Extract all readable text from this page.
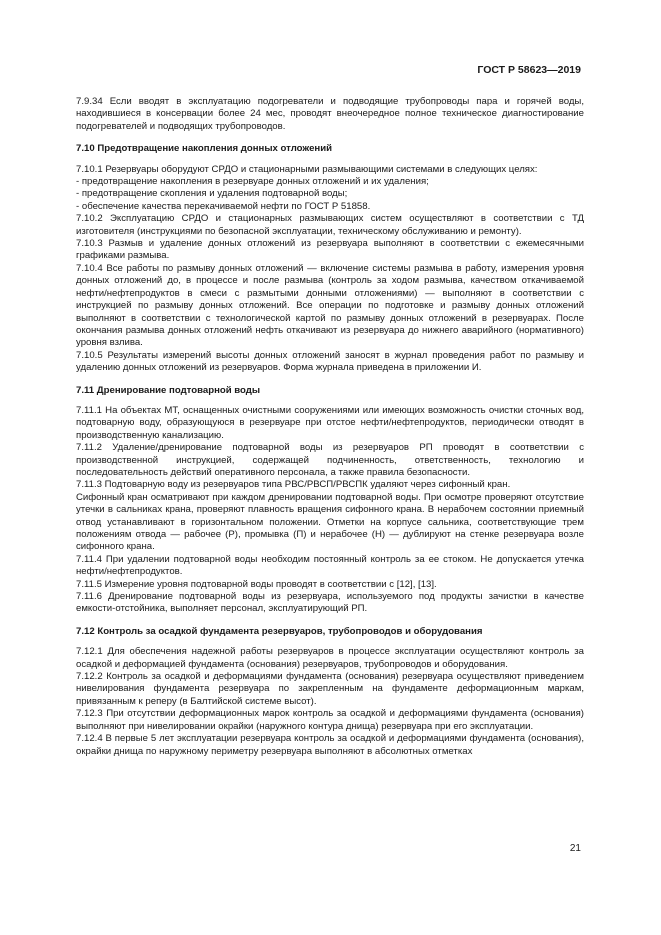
ГОСТ Р 58623—2019

7.9.34 Если вводят в эксплуатацию подогреватели и подводящие трубопроводы пара и горячей воды, находившиеся в консервации более 24 мес, проводят внеочередное полное техническое диагностирование подогревателей и подводящих трубопроводов.

7.10 Предотвращение накопления донных отложений

7.10.1 Резервуары оборудуют СРДО и стационарными размывающими системами в следующих целях:

- предотвращение накопления в резервуаре донных отложений и их удаления;

- предотвращение скопления и удаления подтоварной воды;

- обеспечение качества перекачиваемой нефти по ГОСТ Р 51858.

7.10.2 Эксплуатацию СРДО и стационарных размывающих систем осуществляют в соответствии с ТД изготовителя (инструкциями по безопасной эксплуатации, техническому обслуживанию и ремонту).

7.10.3 Размыв и удаление донных отложений из резервуара выполняют в соответствии с ежемесячными графиками размыва.

7.10.4 Все работы по размыву донных отложений — включение системы размыва в работу, измерения уровня донных отложений до, в процессе и после размыва (контроль за ходом размыва, качеством откачиваемой нефти/нефтепродуктов в смеси с размытыми донными отложениями) — выполняют в соответствии с инструкцией по размыву донных отложений. Все операции по подготовке и размыву донных отложений выполняют в соответствии с технологической картой по размыву донных отложений в резервуарах. После окончания размыва донных отложений нефть откачивают из резервуара до нижнего аварийного (нормативного) уровня взлива.

7.10.5 Результаты измерений высоты донных отложений заносят в журнал проведения работ по размыву и удалению донных отложений из резервуаров. Форма журнала приведена в приложении И.

7.11 Дренирование подтоварной воды

7.11.1 На объектах МТ, оснащенных очистными сооружениями или имеющих возможность очистки сточных вод, подтоварную воду, образующуюся в резервуаре при отстое нефти/нефтепродуктов, периодически отводят в производственную канализацию.

7.11.2 Удаление/дренирование подтоварной воды из резервуаров РП проводят в соответствии с производственной инструкцией, содержащей подчиненность, ответственность, технологию и последовательность действий оперативного персонала, а также правила безопасности.

7.11.3 Подтоварную воду из резервуаров типа РВС/РВСП/РВСПК удаляют через сифонный кран.

Сифонный кран осматривают при каждом дренировании подтоварной воды. При осмотре проверяют отсутствие утечки в сальниках крана, проверяют плавность вращения сифонного крана. В нерабочем состоянии приемный отвод устанавливают в горизонтальном положении. Отметки на корпусе сальника, соответствующие трем положениям отвода — рабочее (Р), промывка (П) и нерабочее (Н) — дублируют на стенке резервуара возле сифонного крана.

7.11.4 При удалении подтоварной воды необходим постоянный контроль за ее стоком. Не допускается утечка нефти/нефтепродуктов.

7.11.5 Измерение уровня подтоварной воды проводят в соответствии с [12], [13].

7.11.6 Дренирование подтоварной воды из резервуара, используемого под продукты зачистки в качестве емкости-отстойника, выполняет персонал, эксплуатирующий РП.

7.12 Контроль за осадкой фундамента резервуаров, трубопроводов и оборудования

7.12.1 Для обеспечения надежной работы резервуаров в процессе эксплуатации осуществляют контроль за осадкой и деформацией фундамента (основания) резервуаров, трубопроводов и оборудования.

7.12.2 Контроль за осадкой и деформациями фундамента (основания) резервуара осуществляют приведением нивелирования фундамента резервуара по закрепленным на фундаменте деформационным маркам, привязанным к реперу (в Балтийской системе высот).

7.12.3 При отсутствии деформационных марок контроль за осадкой и деформациями фундамента (основания) выполняют при нивелировании окрайки (наружного контура днища) резервуара при его эксплуатации.

7.12.4 В первые 5 лет эксплуатации резервуара контроль за осадкой и деформациями фундамента (основания), окрайки днища по наружному периметру резервуара выполняют в абсолютных отметках

21
